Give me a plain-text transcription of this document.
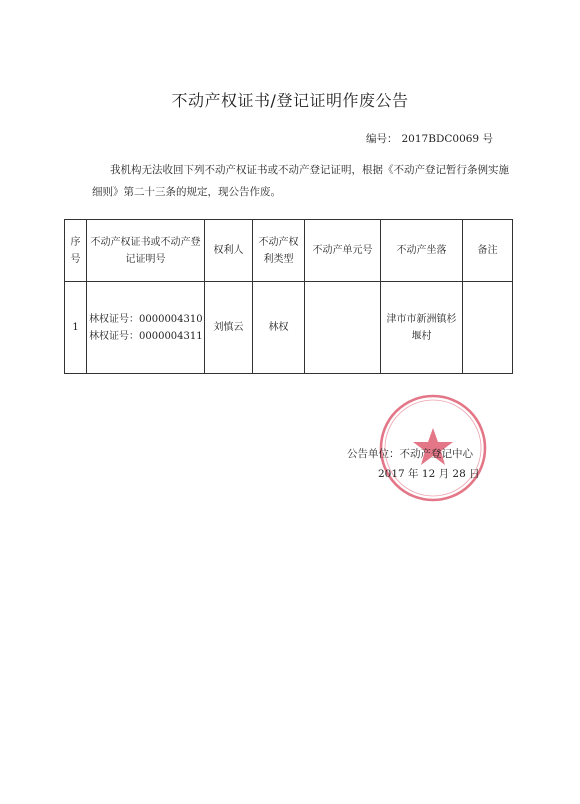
不动产权证书/登记证明作废公告
编号： 2017BDC0069 号
我机构无法收回下列不动产权证书或不动产登记证明，根据《不动产登记暂行条例实施
细则》第二十三条的规定，现公告作废。
序号	不动产权证书或不动产登记证明号	权利人	不动产权利类型	不动产单元号	不动产坐落	备注
1	林权证号：0000004310
林权证号：0000004311	刘慎云	林权		津市市新洲镇杉堰村	
公告单位：不动产登记中心
2017 年 12 月 28 日
